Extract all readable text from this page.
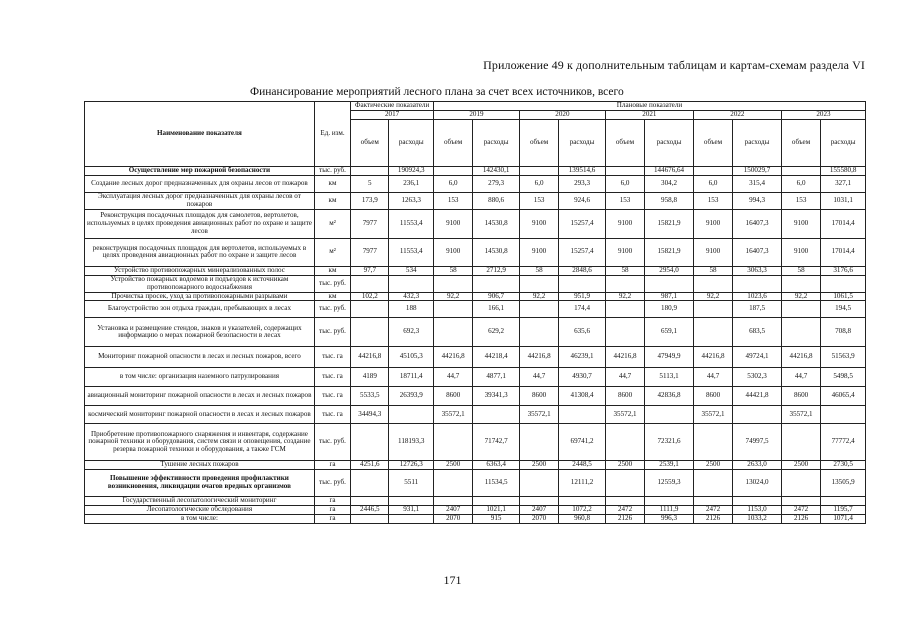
Приложение 49 к дополнительным таблицам и картам-схемам раздела VI
Финансирование мероприятий лесного плана за счет всех источников, всего
Наименование показателя	Ед. изм.	Фактические показатели		Плановые показатели									
		2017		2019		2020		2021		2022		2023	
		объем	расходы	объем	расходы	объем	расходы	объем	расходы	объем	расходы	объем	расходы
Осуществление мер пожарной безопасности	тыс. руб.		190924,3		142430,1		139514,6		144676,64		150029,7		155580,8
Создание лесных дорог предназначенных для охраны лесов от пожаров	км	5	236,1	6,0	279,3	6,0	293,3	6,0	304,2	6,0	315,4	6,0	327,1
Эксплуатация лесных дорог предназначенных для охраны лесов от пожаров	км	173,9	1263,3	153	880,6	153	924,6	153	958,8	153	994,3	153	1031,1
Реконструкция посадочных площадок для самолетов, вертолетов, используемых в целях проведения авиационных работ по охране и защите лесов	м²	7977	11553,4	9100	14530,8	9100	15257,4	9100	15821,9	9100	16407,3	9100	17014,4
реконструкция посадочных площадок для вертолетов, используемых в целях проведения авиационных работ по охране и защите лесов	м²	7977	11553,4	9100	14530,8	9100	15257,4	9100	15821,9	9100	16407,3	9100	17014,4
Устройство противопожарных минерализованных полос	км	97,7	534	58	2712,9	58	2848,6	58	2954,0	58	3063,3	58	3176,6
Устройство пожарных водоемов и подъездов к источникам противопожарного водоснабжения	тыс. руб.												
Прочистка просек, уход за противопожарными разрывами	км	102,2	432,3	92,2	906,7	92,2	951,9	92,2	987,1	92,2	1023,6	92,2	1061,5
Благоустройство зон отдыха граждан, пребывающих в лесах	тыс. руб.		188		166,1		174,4		180,9		187,5		194,5
Установка и размещение стендов, знаков и указателей, содержащих информацию о мерах пожарной безопасности в лесах	тыс. руб.		692,3		629,2		635,6		659,1		683,5		708,8
Мониторинг пожарной опасности в лесах и лесных пожаров, всего	тыс. га	44216,8	45105,3	44216,8	44218,4	44216,8	46239,1	44216,8	47949,9	44216,8	49724,1	44216,8	51563,9
в том числе: организация наземного патрулирования	тыс. га	4189	18711,4	44,7	4877,1	44,7	4930,7	44,7	5113,1	44,7	5302,3	44,7	5498,5
авиационный мониторинг пожарной опасности в лесах и лесных пожаров	тыс. га	5533,5	26393,9	8600	39341,3	8600	41308,4	8600	42836,8	8600	44421,8	8600	46065,4
космический мониторинг пожарной опасности в лесах и лесных пожаров	тыс. га	34494,3		35572,1		35572,1		35572,1		35572,1		35572,1	
Приобретение противопожарного снаряжения и инвентаря, содержание пожарной техники и оборудования, систем связи и оповещения, создание резерва пожарной техники и оборудования, а также ГСМ	тыс. руб.		118193,3		71742,7		69741,2		72321,6		74997,5		77772,4
Тушение лесных пожаров	га	4251,6	12726,3	2500	6363,4	2500	2448,5	2500	2539,1	2500	2633,0	2500	2730,5
Повышение эффективности проведения профилактики возникновения, ликвидации очагов вредных организмов	тыс. руб.		5511		11534,5		12111,2		12559,3		13024,0		13505,9
Государственный лесопатологический мониторинг	га												
Лесопатологические обследования	га	2446,5	931,1	2407	1021,1	2407	1072,2	2472	1111,9	2472	1153,0	2472	1195,7
в том числе:	га			2070	915	2070	960,8	2126	996,3	2126	1033,2	2126	1071,4
171
